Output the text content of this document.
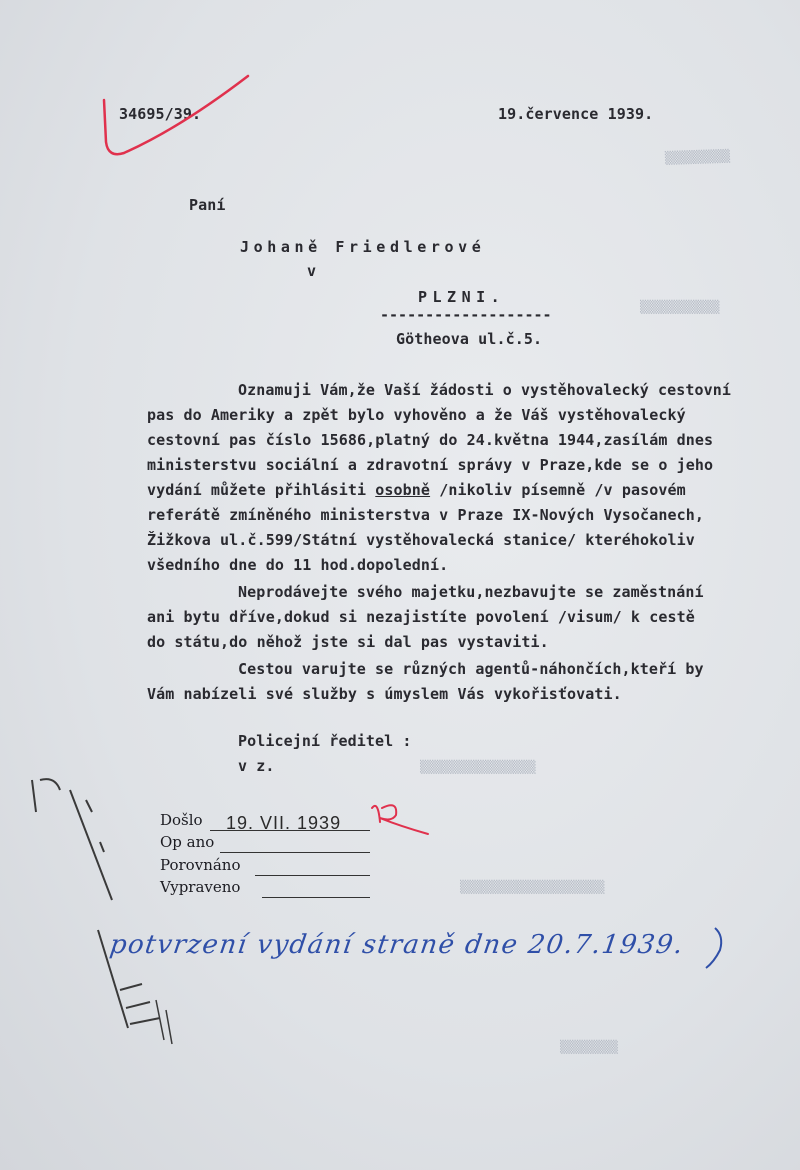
▒▒▒▒▒▒▒▒▒
▒▒▒▒▒▒▒▒▒▒▒
▒▒▒▒▒▒▒▒▒▒▒▒▒▒▒▒
▒▒▒▒▒▒▒▒▒▒▒▒▒▒▒▒▒▒▒▒
▒▒▒▒▒▒▒▒
34695/39.	19.července 1939.
Paní
Johaně Friedlerové
v
PLZNI.
-------------------
Götheova ul.č.5.
Oznamuji Vám,že Vaší žádosti o vystěhovalecký cestovní
pas do Ameriky a zpět bylo vyhověno a že Váš vystěhovalecký
cestovní pas číslo 15686,platný do 24.května 1944,zasílám dnes
ministerstvu sociální a zdravotní správy v Praze,kde se o jeho
vydání můžete přihlásiti osobně /nikoliv písemně /v pasovém
referátě zmíněného ministerstva v Praze IX-Nových Vysočanech,
Žižkova ul.č.599/Státní vystěhovalecká stanice/ kteréhokoliv
všedního dne do 11 hod.dopolední.
Neprodávejte svého majetku,nezbavujte se zaměstnání
ani bytu dříve,dokud si nezajistíte povolení /visum/ k cestě
do státu,do něhož jste si dal pas vystaviti.
Cestou varujte se různých agentů-náhončích,kteří by
Vám nabízeli své služby s úmyslem Vás vykořisťovati.
Policejní ředitel :
v z.
Došlo 19. VII. 1939
Op ano
Porovnáno
Vypraveno
potvrzení vydání straně dne 20.7.1939.
